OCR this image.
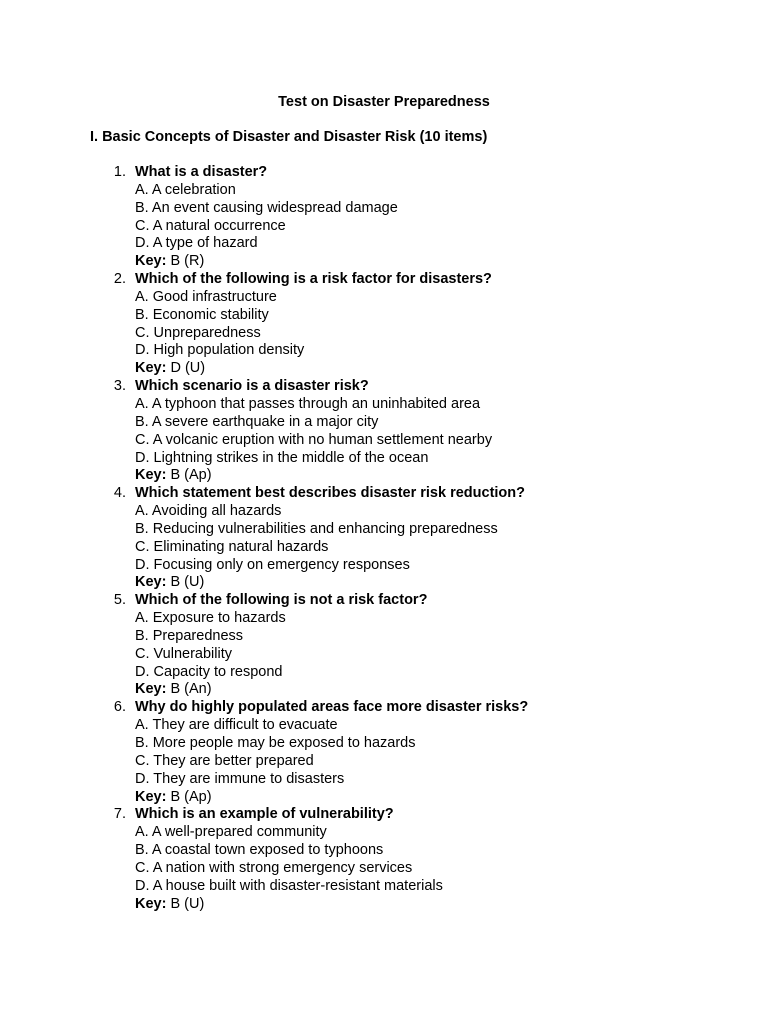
Test on Disaster Preparedness
I. Basic Concepts of Disaster and Disaster Risk (10 items)
1. What is a disaster?
A. A celebration
B. An event causing widespread damage
C. A natural occurrence
D. A type of hazard
Key: B (R)
2. Which of the following is a risk factor for disasters?
A. Good infrastructure
B. Economic stability
C. Unpreparedness
D. High population density
Key: D (U)
3. Which scenario is a disaster risk?
A. A typhoon that passes through an uninhabited area
B. A severe earthquake in a major city
C. A volcanic eruption with no human settlement nearby
D. Lightning strikes in the middle of the ocean
Key: B (Ap)
4. Which statement best describes disaster risk reduction?
A. Avoiding all hazards
B. Reducing vulnerabilities and enhancing preparedness
C. Eliminating natural hazards
D. Focusing only on emergency responses
Key: B (U)
5. Which of the following is not a risk factor?
A. Exposure to hazards
B. Preparedness
C. Vulnerability
D. Capacity to respond
Key: B (An)
6. Why do highly populated areas face more disaster risks?
A. They are difficult to evacuate
B. More people may be exposed to hazards
C. They are better prepared
D. They are immune to disasters
Key: B (Ap)
7. Which is an example of vulnerability?
A. A well-prepared community
B. A coastal town exposed to typhoons
C. A nation with strong emergency services
D. A house built with disaster-resistant materials
Key: B (U)
